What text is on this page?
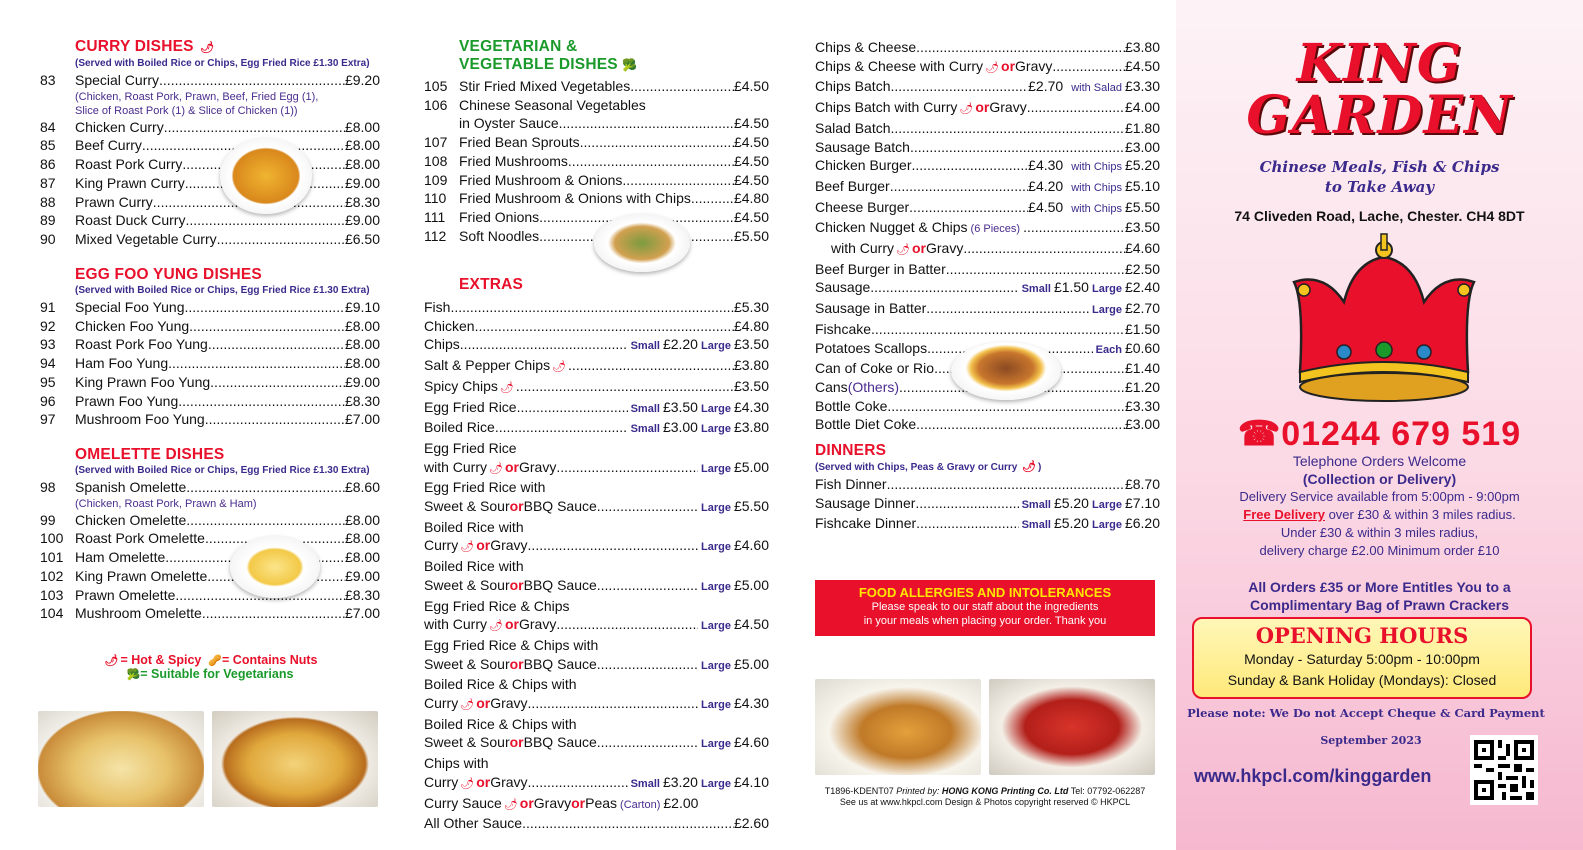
CURRY DISHES 🌶
(Served with Boiled Rice or Chips, Egg Fried Rice £1.30 Extra)
83	Special Curry .....	£9.20
(Chicken, Roast Pork, Prawn, Beef, Fried Egg (1),
Slice of Roast Pork (1) & Slice of Chicken (1))
84	Chicken Curry .....	£8.00
85	Beef Curry .....	£8.00
86	Roast Pork Curry .....	£8.00
87	King Prawn Curry .....	£9.00
88	Prawn Curry .....	£8.30
89	Roast Duck Curry .....	£9.00
90	Mixed Vegetable Curry .....	£6.50
EGG FOO YUNG DISHES
(Served with Boiled Rice or Chips, Egg Fried Rice £1.30 Extra)
91	Special Foo Yung .....	£9.10
92	Chicken Foo Yung .....	£8.00
93	Roast Pork Foo Yung .....	£8.00
94	Ham Foo Yung .....	£8.00
95	King Prawn Foo Yung .....	£9.00
96	Prawn Foo Yung .....	£8.30
97	Mushroom Foo Yung .....	£7.00
OMELETTE DISHES
(Served with Boiled Rice or Chips, Egg Fried Rice £1.30 Extra)
98	Spanish Omelette .....	£8.60
(Chicken, Roast Pork, Prawn & Ham)
99	Chicken Omelette .....	£8.00
100 Roast Pork Omelette .....	£8.00
101 Ham Omelette .....	£8.00
102 King Prawn Omelette .....	£9.00
103 Prawn Omelette .....	£8.30
104 Mushroom Omelette .....	£7.00
🌶 = Hot & Spicy 🥜= Contains Nuts
🥦= Suitable for Vegetarians
VEGETARIAN &
VEGETABLE DISHES 🥦
105 Stir Fried Mixed Vegetables .....	£4.50
106 Chinese Seasonal Vegetables
in Oyster Sauce .....	£4.50
107 Fried Bean Sprouts .....	£4.50
108 Fried Mushrooms .....	£4.50
109 Fried Mushroom & Onions .....	£4.50
110 Fried Mushroom & Onions with Chips .....	£4.80
111 Fried Onions .....	£4.50
112 Soft Noodles .....	£5.50
EXTRAS
Fish .....	£5.30
Chicken .....	£4.80
Chips .....	Small £2.20 Large £3.50
Salt & Pepper Chips 🌶 .....	£3.80
Spicy Chips 🌶 .....	£3.50
Egg Fried Rice .....	Small £3.50 Large £4.30
Boiled Rice .....	Small £3.00 Large £3.80
Egg Fried Rice
with Curry 🌶 or Gravy .....	Large £5.00
Egg Fried Rice with
Sweet & Sour or BBQ Sauce .....	Large £5.50
Boiled Rice with
Curry 🌶 or Gravy .....	Large £4.60
Boiled Rice with
Sweet & Sour or BBQ Sauce .....	Large £5.00
Egg Fried Rice & Chips
with Curry 🌶 or Gravy .....	Large £4.50
Egg Fried Rice & Chips with
Sweet & Sour or BBQ Sauce .....	Large £5.00
Boiled Rice & Chips with
Curry 🌶 or Gravy .....	Large £4.30
Boiled Rice & Chips with
Sweet & Sour or BBQ Sauce .....	Large £4.60
Chips with
Curry 🌶 or Gravy .....	Small £3.20 Large £4.10
Curry Sauce 🌶 or Gravy or Peas (Carton) £2.00
All Other Sauce .....	£2.60
Chips & Cheese .....	£3.80
Chips & Cheese with Curry 🌶 or Gravy .....	£4.50
Chips Batch .....	£2.70 with Salad £3.30
Chips Batch with Curry 🌶 or Gravy .....	£4.00
Salad Batch .....	£1.80
Sausage Batch .....	£3.00
Chicken Burger .....	£4.30 with Chips £5.20
Beef Burger .....	£4.20 with Chips £5.10
Cheese Burger .....	£4.50 with Chips £5.50
Chicken Nugget & Chips (6 Pieces) .....	£3.50
with Curry 🌶 or Gravy .....	£4.60
Beef Burger in Batter .....	£2.50
Sausage .....	Small £1.50 Large £2.40
Sausage in Batter .....	Large £2.70
Fishcake .....	£1.50
Potatoes Scallops .....	Each £0.60
Can of Coke or Rio .....	£1.40
Cans (Others) .....	£1.20
Bottle Coke .....	£3.30
Bottle Diet Coke .....	£3.00
DINNERS
(Served with Chips, Peas & Gravy or Curry 🌶 )
Fish Dinner .....	£8.70
Sausage Dinner .....	Small £5.20 Large £7.10
Fishcake Dinner .....	Small £5.20 Large £6.20
FOOD ALLERGIES AND INTOLERANCES
Please speak to our staff about the ingredients
in your meals when placing your order. Thank you
T1896-KDENT07 Printed by: HONG KONG Printing Co. Ltd Tel: 07792-062287
See us at www.hkpcl.com Design & Photos copyright reserved © HKPCL
KING
GARDEN
Chinese Meals, Fish & Chips
to Take Away
74 Cliveden Road, Lache, Chester. CH4 8DT
☎01244 679 519
Telephone Orders Welcome
(Collection or Delivery)
Delivery Service available from 5:00pm - 9:00pm
Free Delivery over £30 & within 3 miles radius.
Under £30 & within 3 miles radius,
delivery charge £2.00 Minimum order £10
All Orders £35 or More Entitles You to a
Complimentary Bag of Prawn Crackers
OPENING HOURS
Monday - Saturday 5:00pm - 10:00pm
Sunday & Bank Holiday (Mondays): Closed
Please note: We Do not Accept Cheque & Card Payment
September 2023
www.hkpcl.com/kinggarden
